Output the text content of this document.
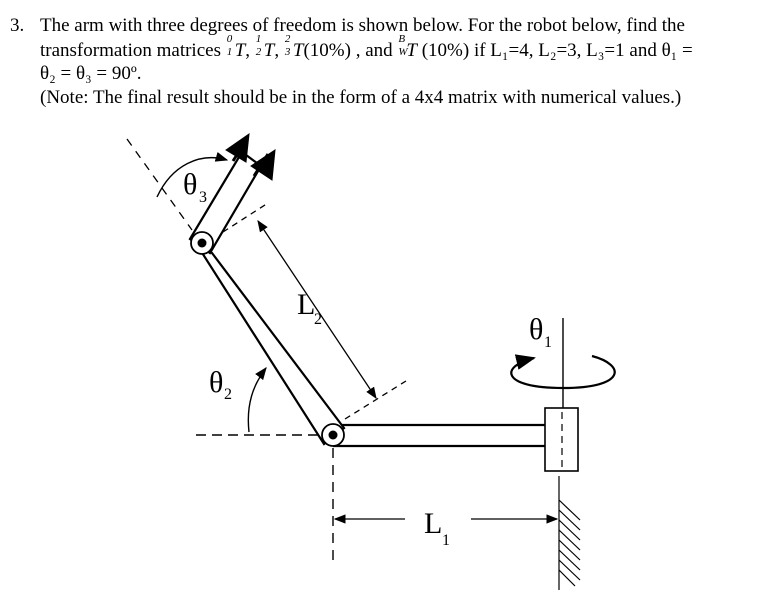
3. The arm with three degrees of freedom is shown below. For the robot below, find the
transformation matrices
0
1 T,
1
2 T,
2
3 T(10%) , and
B
W
T (10%) if L₁=4, L₂=3, L₃=1 and θ₁ =
θ₂ = θ₃ = 90º.
(Note: The final result should be in the form of a 4x4 matrix with numerical values.)
θ 3
θ 2
θ 1
L
2
L
1
